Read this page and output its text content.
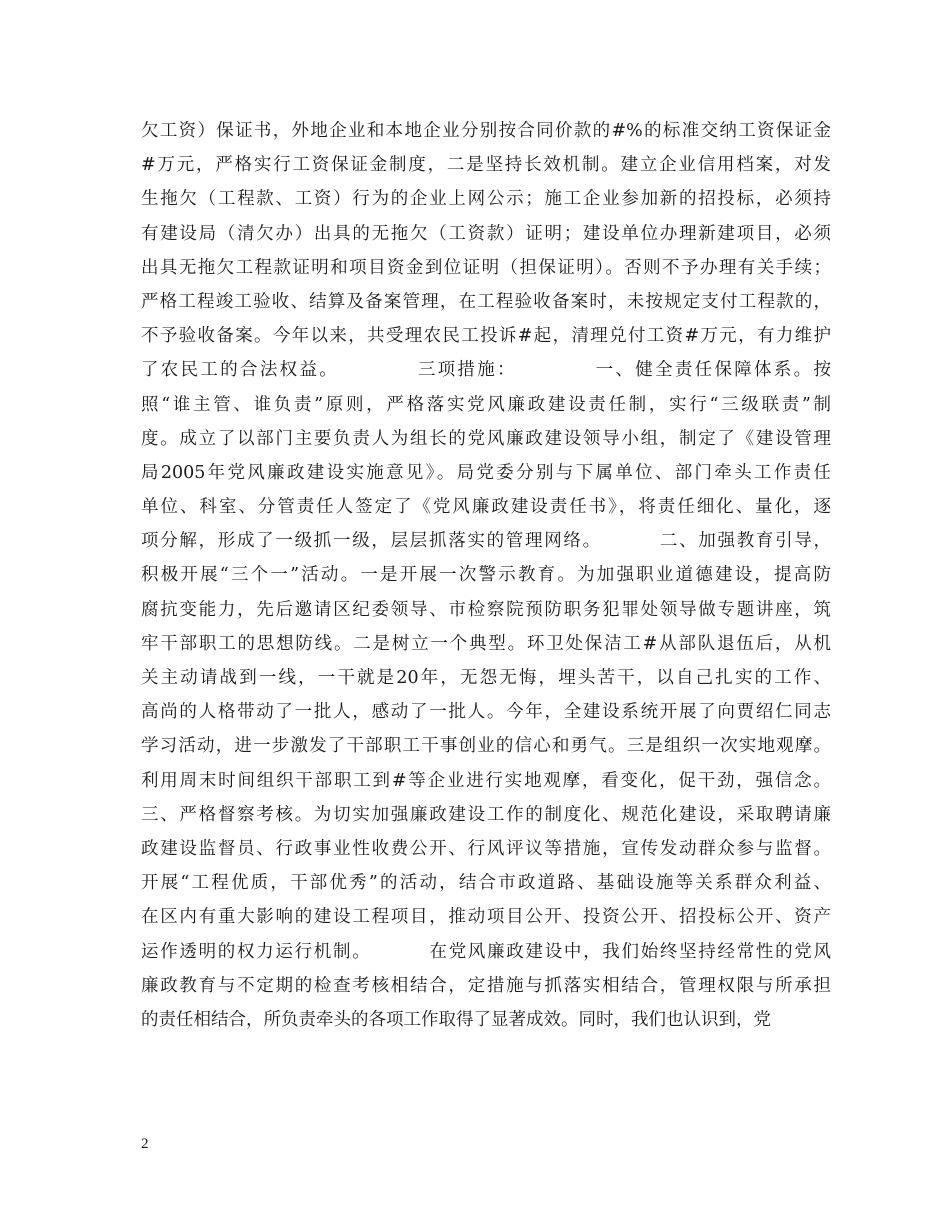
欠工资）保证书，外地企业和本地企业分别按合同价款的#%的标准交纳工资保证金
#万元，严格实行工资保证金制度，二是坚持长效机制。建立企业信用档案，对发
生拖欠（工程款、工资）行为的企业上网公示；施工企业参加新的招投标，必须持
有建设局（清欠办）出具的无拖欠（工资款）证明；建设单位办理新建项目，必须
出具无拖欠工程款证明和项目资金到位证明（担保证明）。否则不予办理有关手续；
严格工程竣工验收、结算及备案管理，在工程验收备案时，未按规定支付工程款的，
不予验收备案。今年以来，共受理农民工投诉#起，清理兑付工资#万元，有力维护
了农民工的合法权益。          三项措施：          一、健全责任保障体系。按
照“谁主管、谁负责”原则，严格落实党风廉政建设责任制，实行“三级联责”制
度。成立了以部门主要负责人为组长的党风廉政建设领导小组，制定了《建设管理
局2005年党风廉政建设实施意见》。局党委分别与下属单位、部门牵头工作责任
单位、科室、分管责任人签定了《党风廉政建设责任书》，将责任细化、量化，逐
项分解，形成了一级抓一级，层层抓落实的管理网络。        二、加强教育引导，
积极开展“三个一”活动。一是开展一次警示教育。为加强职业道德建设，提高防
腐抗变能力，先后邀请区纪委领导、市检察院预防职务犯罪处领导做专题讲座，筑
牢干部职工的思想防线。二是树立一个典型。环卫处保洁工#从部队退伍后，从机
关主动请战到一线，一干就是20年，无怨无悔，埋头苦干，以自己扎实的工作、
高尚的人格带动了一批人，感动了一批人。今年，全建设系统开展了向贾绍仁同志
学习活动，进一步激发了干部职工干事创业的信心和勇气。三是组织一次实地观摩。
利用周末时间组织干部职工到#等企业进行实地观摩，看变化，促干劲，强信念。
三、严格督察考核。为切实加强廉政建设工作的制度化、规范化建设，采取聘请廉
政建设监督员、行政事业性收费公开、行风评议等措施，宣传发动群众参与监督。
开展“工程优质，干部优秀”的活动，结合市政道路、基础设施等关系群众利益、
在区内有重大影响的建设工程项目，推动项目公开、投资公开、招投标公开、资产
运作透明的权力运行机制。        在党风廉政建设中，我们始终坚持经常性的党风
廉政教育与不定期的检查考核相结合，定措施与抓落实相结合，管理权限与所承担
的责任相结合，所负责牵头的各项工作取得了显著成效。同时，我们也认识到，党
2
